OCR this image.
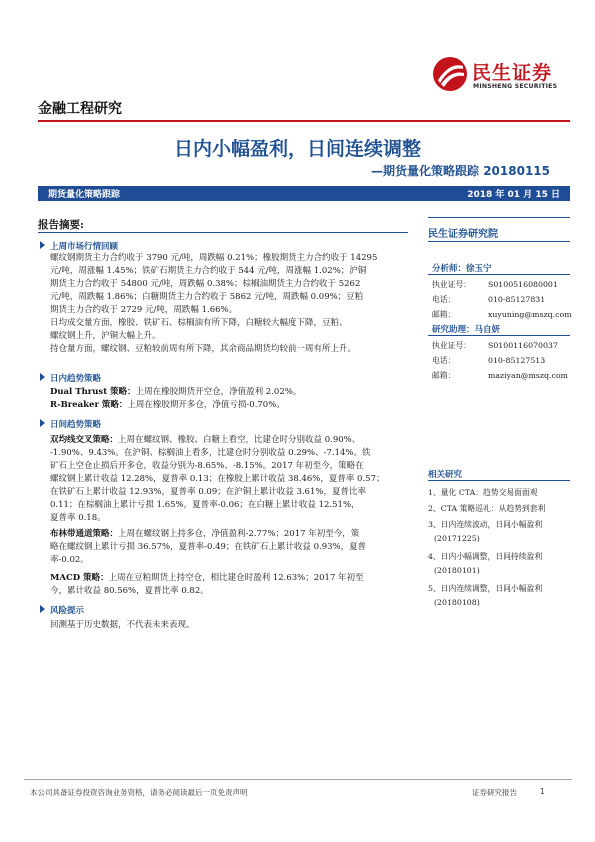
民生证券
MINSHENG SECURITIES
金融工程研究
日内小幅盈利，日间连续调整
—期货量化策略跟踪 20180115
期货量化策略跟踪	2018 年 01 月 15 日
报告摘要:
上周市场行情回顾
螺纹钢期货主力合约收于 3790 元/吨，周跌幅 0.21%；橡胶期货主力合约收于 14295
元/吨，周涨幅 1.45%；铁矿石期货主力合约收于 544 元/吨，周涨幅 1.02%；沪铜
期货主力合约收于 54800 元/吨，周跌幅 0.38%；棕榈油期货主力合约收于 5262
元/吨，周跌幅 1.86%；白糖期货主力合约收于 5862 元/吨，周跌幅 0.09%；豆粕
期货主力合约收于 2729 元/吨，周跌幅 1.66%。
日均成交量方面，橡胶、铁矿石、棕榈油有所下降，白糖较大幅度下降，豆粕、
螺纹钢上升，沪铜大幅上升。
持仓量方面，螺纹钢、豆粕较前周有所下降，其余商品期货均较前一周有所上升。
日内趋势策略
Dual Thrust 策略：上周在橡胶期货开空仓，净值盈利 2.02%。
R-Breaker 策略：上周在橡胶期开多仓，净值亏损-0.70%。
日间趋势策略
双均线交叉策略：上周在螺纹钢、橡胶、白糖上看空，比建仓时分别收益 0.90%、
-1.90%、9.43%。在沪铜、棕榈油上看多，比建仓时分别收益 0.29%、-7.14%。铁
矿石上空仓止损后开多仓，收益分别为-8.65%、-8.15%。2017 年初至今，策略在
螺纹钢上累计收益 12.28%，夏普率 0.13；在橡胶上累计收益 38.46%，夏普率 0.57；
在铁矿石上累计收益 12.93%，夏普率 0.09；在沪铜上累计收益 3.61%，夏普比率
0.11；在棕榈油上累计亏损 1.65%，夏普率-0.06；在白糖上累计收益 12.51%，
夏普率 0.18。
布林带通道策略：上周在螺纹钢上持多仓，净值盈利-2.77%；2017 年初至今，策
略在螺纹钢上累计亏损 36.57%，夏普率-0.49；在铁矿石上累计收益 0.93%，夏普
率-0.02。
MACD 策略：上周在豆粕期货上持空仓，相比建仓时盈利 12.63%；2017 年初至
今，累计收益 80.56%，夏普比率 0.82。
风险提示
回测基于历史数据，不代表未来表现。
民生证券研究院
分析师：徐玉宁
执业证号： S0100516080001
电话：	010-85127831
邮箱：	xuyuning@mszq.com
研究助理：马自妍
执业证号： S0100116070037
电话：	010-85127513
邮箱：	maziyan@mszq.com
相关研究
1、量化 CTA：趋势交易面面观
2、CTA 策略巡礼：从趋势到套利
3、日内连续波动，日间小幅盈利
(20171225)
4、日内小幅调整，日间持续盈利
(20180101)
5、日内连续调整，日间小幅盈利
(20180108)
本公司具备证券投资咨询业务资格，请务必阅读最后一页免责声明	证券研究报告	1
